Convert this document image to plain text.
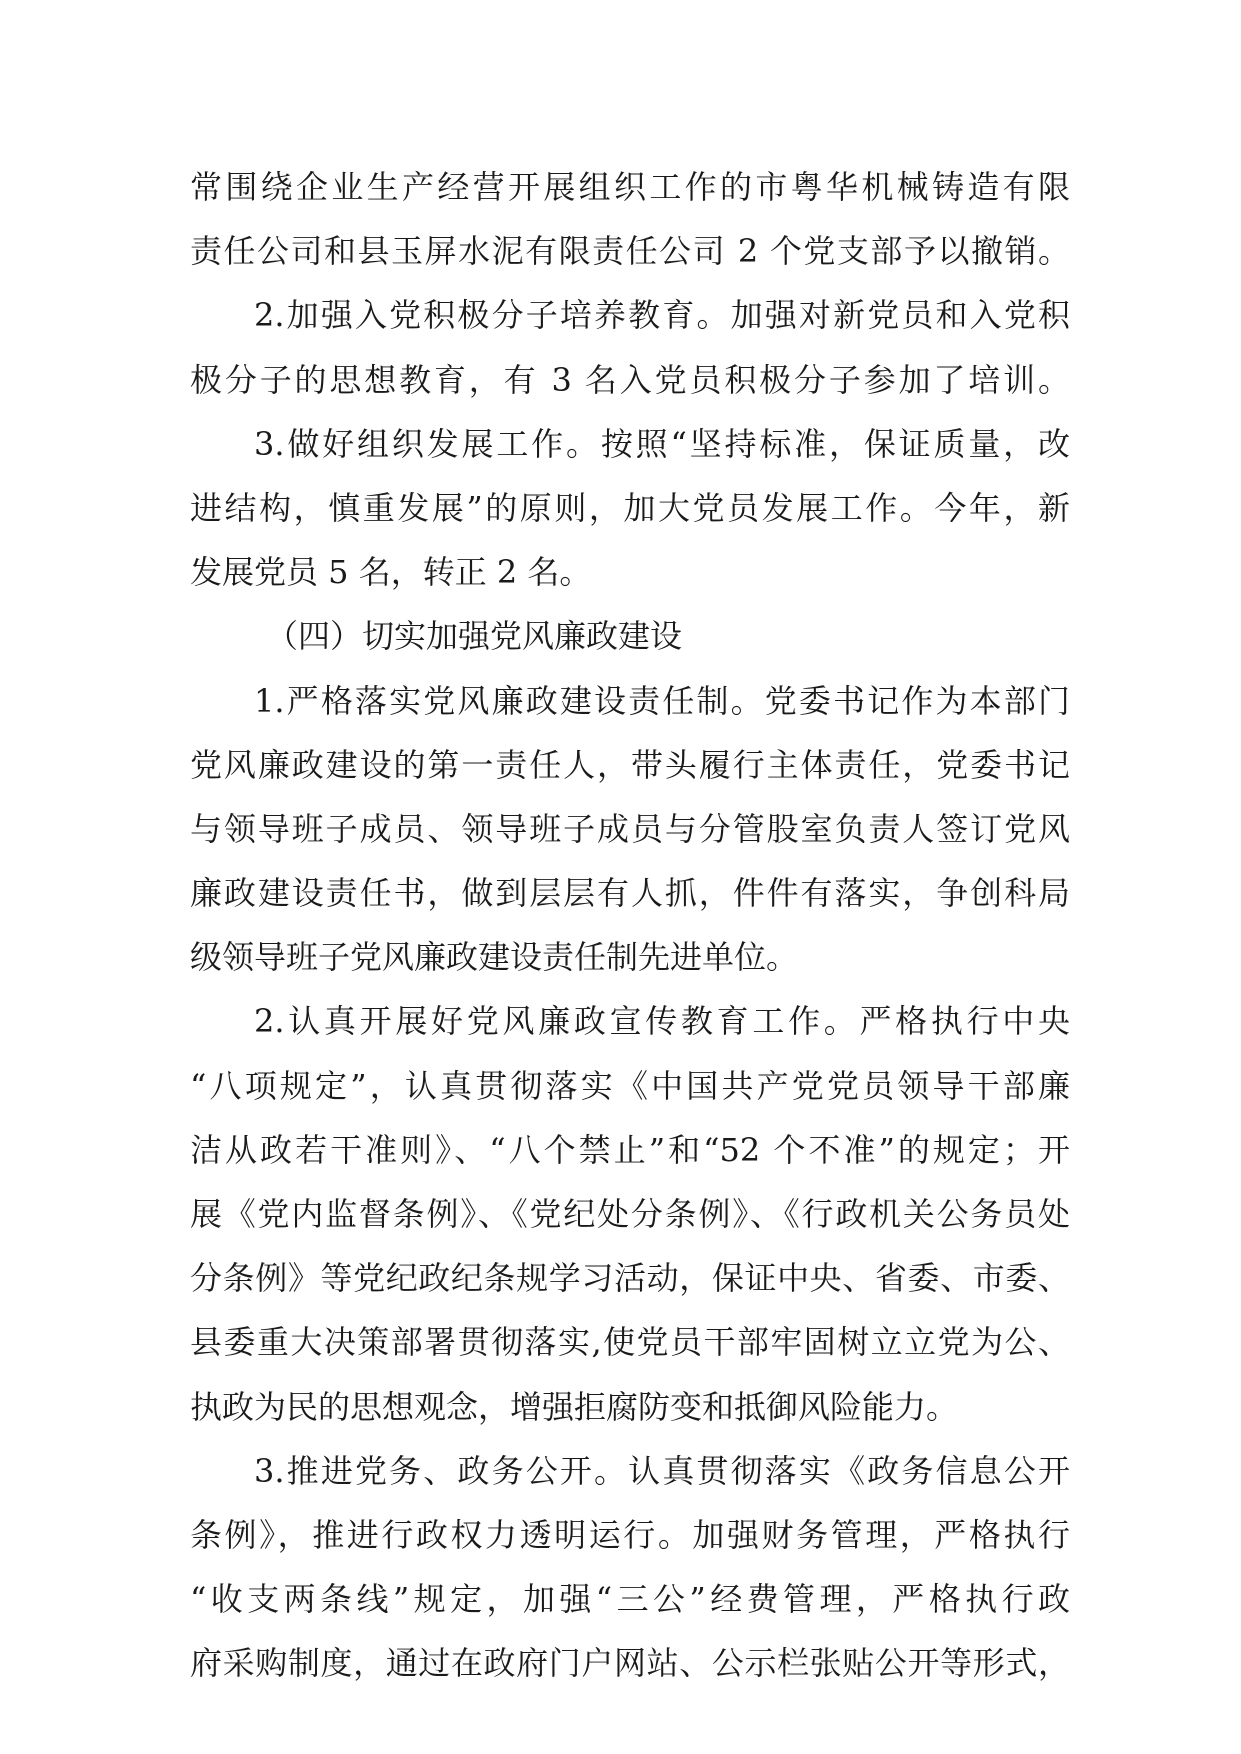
常围绕企业生产经营开展组织工作的市粤华机械铸造有限
责任公司和县玉屏水泥有限责任公司 2 个党支部予以撤销。
2.加强入党积极分子培养教育。加强对新党员和入党积
极分子的思想教育，有 3 名入党员积极分子参加了培训。
3.做好组织发展工作。按照“坚持标准，保证质量，改
进结构，慎重发展”的原则，加大党员发展工作。今年，新
发展党员 5 名，转正 2 名。
（四）切实加强党风廉政建设
1.严格落实党风廉政建设责任制。党委书记作为本部门
党风廉政建设的第一责任人，带头履行主体责任，党委书记
与领导班子成员、领导班子成员与分管股室负责人签订党风
廉政建设责任书，做到层层有人抓，件件有落实，争创科局
级领导班子党风廉政建设责任制先进单位。
2.认真开展好党风廉政宣传教育工作。严格执行中央
“八项规定”，认真贯彻落实《中国共产党党员领导干部廉
洁从政若干准则》、“八个禁止”和“52 个不准”的规定；开
展《党内监督条例》、《党纪处分条例》、《行政机关公务员处
分条例》等党纪政纪条规学习活动，保证中央、省委、市委、
县委重大决策部署贯彻落实,使党员干部牢固树立立党为公、
执政为民的思想观念，增强拒腐防变和抵御风险能力。
3.推进党务、政务公开。认真贯彻落实《政务信息公开
条例》，推进行政权力透明运行。加强财务管理，严格执行
“收支两条线”规定，加强“三公”经费管理，严格执行政
府采购制度，通过在政府门户网站、公示栏张贴公开等形式，
